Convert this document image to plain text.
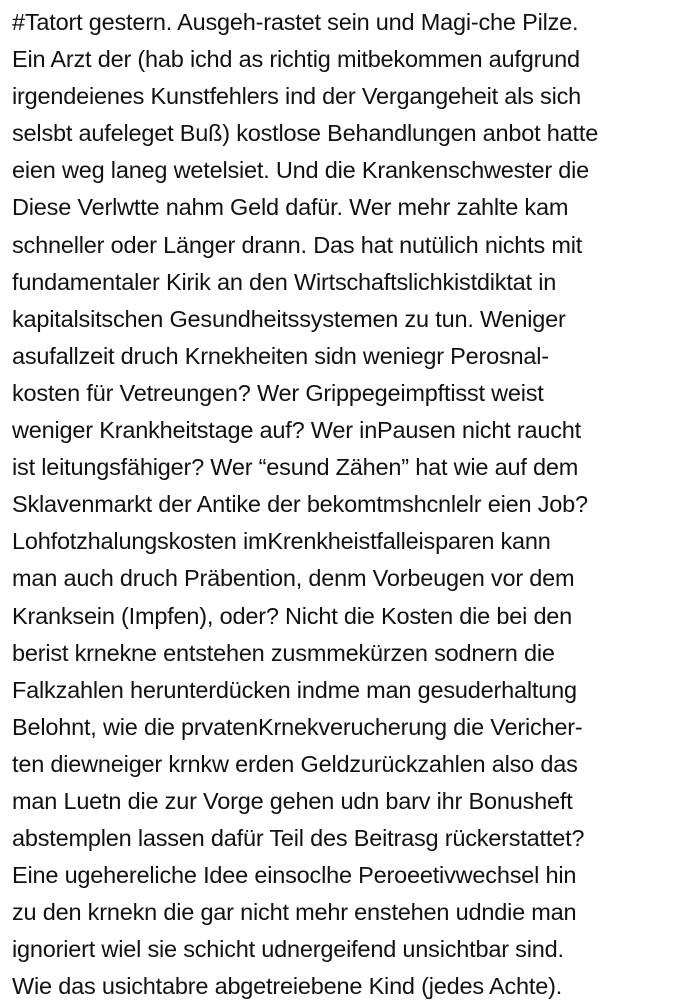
#Tatort gestern. Ausgeh-rastet sein und Magi-che Pilze.
Ein Arzt der (hab ichd as richtig mitbekommen aufgrund
irgendeienes Kunstfehlers ind der Vergangeheit als sich
selsbt aufeleget Buß) kostlose Behandlungen anbot hatte
eien weg laneg wetelsiet. Und die Krankenschwester die
Diese Verlwtte nahm Geld dafür. Wer mehr zahlte kam
schneller oder Länger drann. Das hat nutülich nichts mit
fundamentaler Kirik an den Wirtschaftslichkistdiktat in
kapitalsitschen Gesundheitssystemen zu tun. Weniger
asufallzeit druch Krnekheiten sidn weniegr Perosnal-
kosten für Vetreungen? Wer Grippegeimpftisst weist
weniger Krankheitstage auf? Wer inPausen nicht raucht
ist leitungsfähiger? Wer “esund Zähen” hat wie auf dem
Sklavenmarkt der Antike der bekomtmshcnlelr eien Job?
Lohfotzhalungskosten imKrenkheistfalleisparen kann
man auch druch Präbention, denm Vorbeugen vor dem
Kranksein (Impfen), oder? Nicht die Kosten die bei den
berist krnekne entstehen zusmmekürzen sodnern die
Falkzahlen herunterdücken indme man gesuderhaltung
Belohnt, wie die prvatenKrnekverucherung die Vericher-
ten diewneiger krnkw erden Geldzurückzahlen also das
man Luetn die zur Vorge gehen udn barv ihr Bonusheft
abstemplen lassen dafür Teil des Beitrasg rückerstattet?
Eine ugehereliche Idee einsoclhe Peroeetivwechsel hin
zu den krnekn die gar nicht mehr enstehen udndie man
ignoriert wiel sie schicht udnergeifend unsichtbar sind.
Wie das usichtabre abgetreiebene Kind (jedes Achte).
